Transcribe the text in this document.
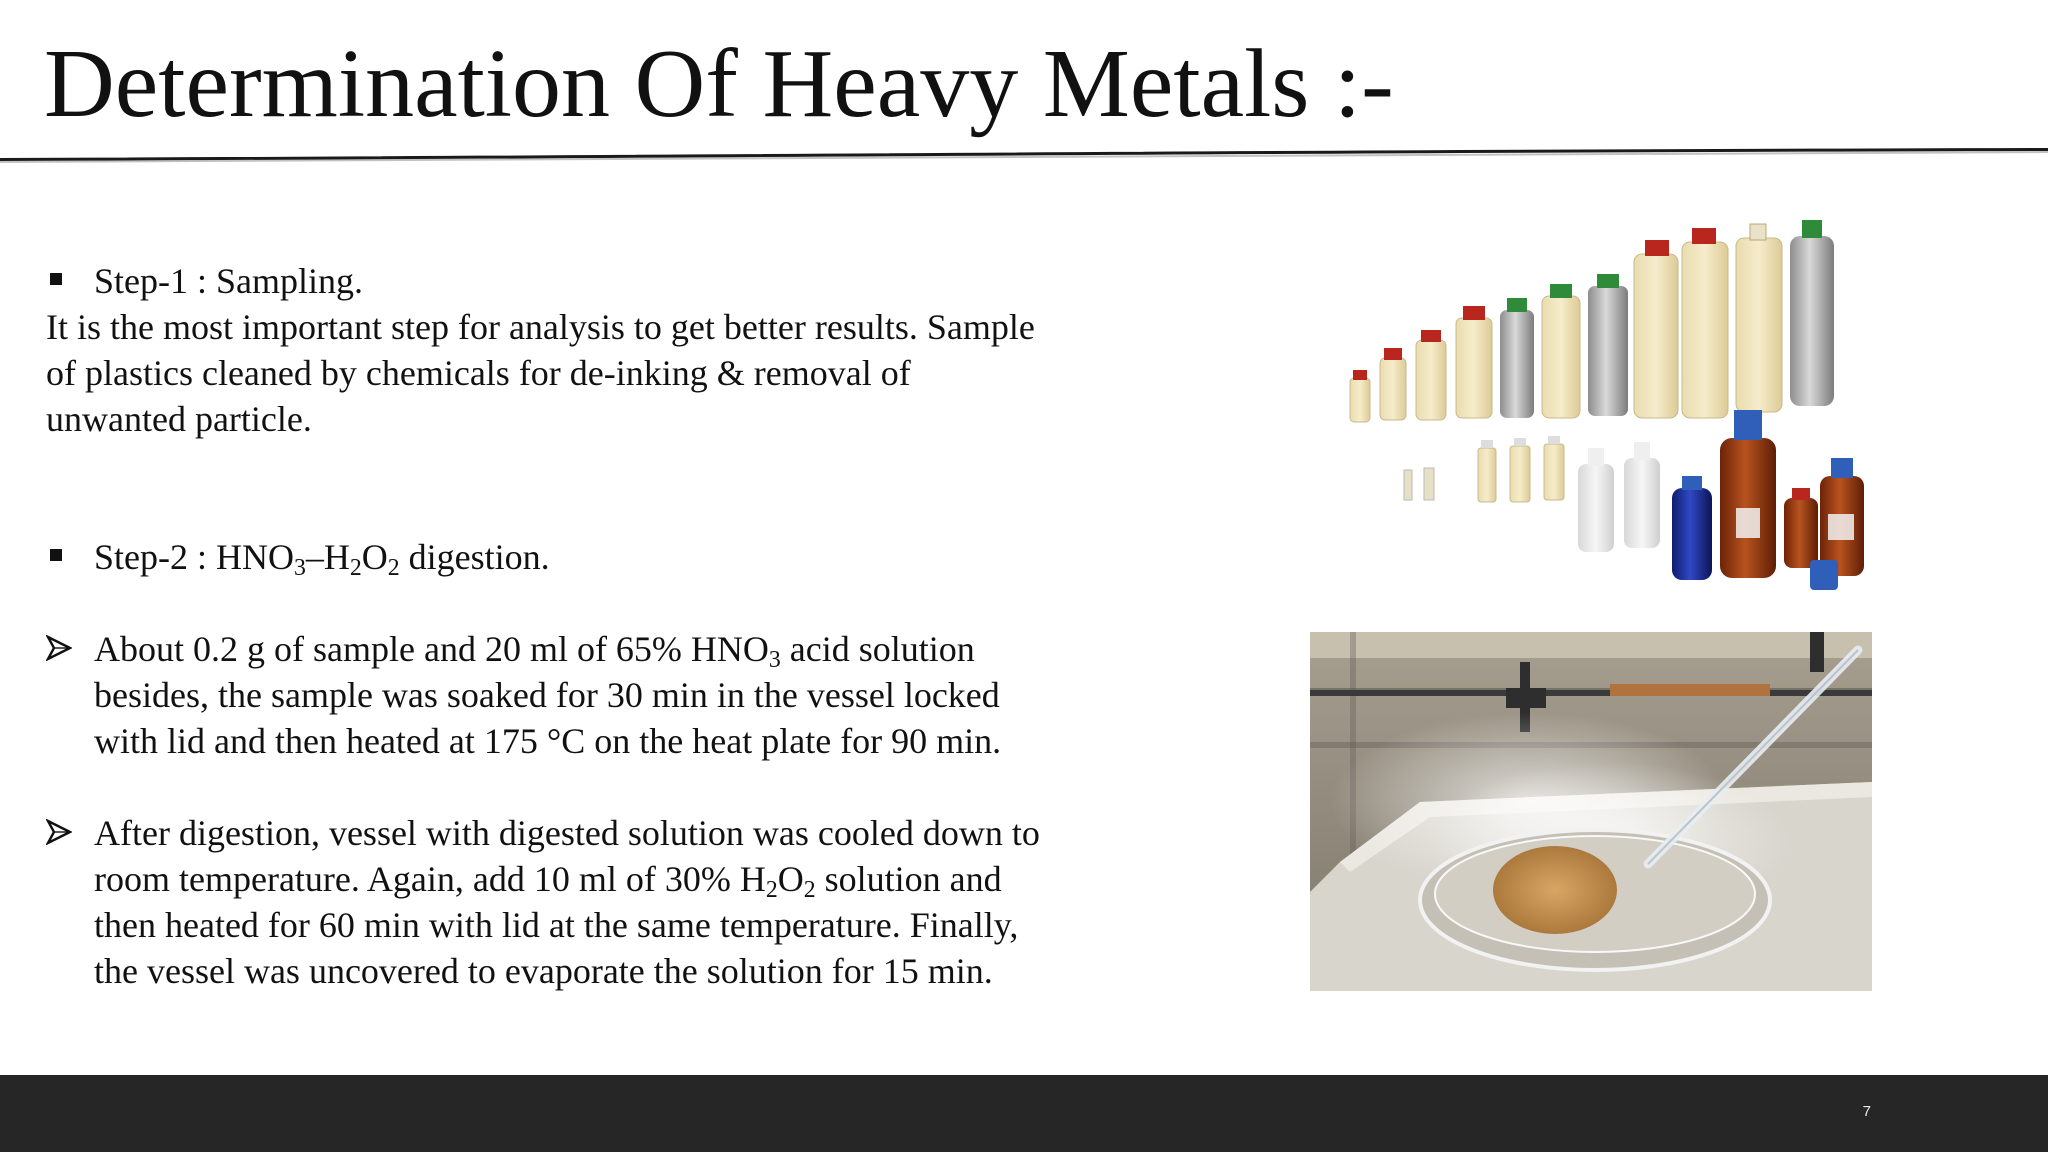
Determination Of Heavy Metals :-
Step-1 : Sampling.
It is the most important step for analysis to get better results. Sample
of plastics cleaned by chemicals for de-inking & removal of
unwanted particle.
Step-2 : $HNO_3-H_2O_2$ digestion.
About 0.2 g of sample and 20 ml of 65% $HNO_3$ acid solution
besides, the sample was soaked for 30 min in the vessel locked
with lid and then heated at 175 °C on the heat plate for 90 min.
After digestion, vessel with digested solution was cooled down to
room temperature. Again, add 10 ml of 30% $H_2O_2$ solution and
then heated for 60 min with lid at the same temperature. Finally,
the vessel was uncovered to evaporate the solution for 15 min.
7
